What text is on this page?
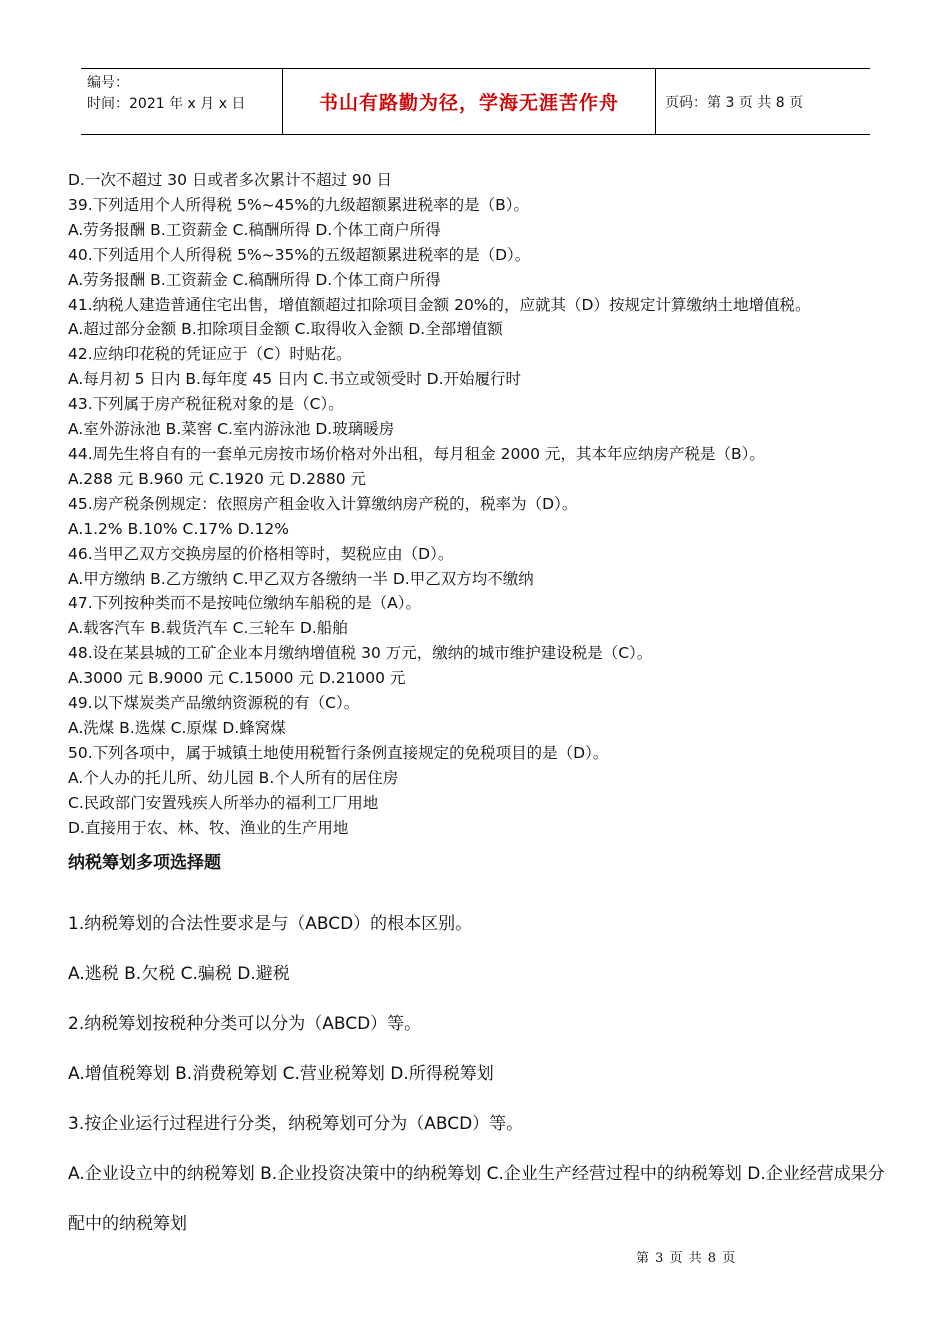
编号：
时间：2021 年 x 月 x 日	书山有路勤为径，学海无涯苦作舟	页码：第 3 页 共 8 页
D.一次不超过 30 日或者多次累计不超过 90 日
39.下列适用个人所得税 5%~45%的九级超额累进税率的是（B）。
A.劳务报酬 B.工资薪金 C.稿酬所得 D.个体工商户所得
40.下列适用个人所得税 5%~35%的五级超额累进税率的是（D）。
A.劳务报酬 B.工资薪金 C.稿酬所得 D.个体工商户所得
41.纳税人建造普通住宅出售，增值额超过扣除项目金额 20%的，应就其（D）按规定计算缴纳土地增值税。
A.超过部分金额 B.扣除项目金额 C.取得收入金额 D.全部增值额
42.应纳印花税的凭证应于（C）时贴花。
A.每月初 5 日内 B.每年度 45 日内 C.书立或领受时 D.开始履行时
43.下列属于房产税征税对象的是（C）。
A.室外游泳池 B.菜窖 C.室内游泳池 D.玻璃暖房
44.周先生将自有的一套单元房按市场价格对外出租，每月租金 2000 元，其本年应纳房产税是（B）。
A.288 元 B.960 元 C.1920 元 D.2880 元
45.房产税条例规定：依照房产租金收入计算缴纳房产税的，税率为（D）。
A.1.2% B.10% C.17% D.12%
46.当甲乙双方交换房屋的价格相等时，契税应由（D）。
A.甲方缴纳 B.乙方缴纳 C.甲乙双方各缴纳一半 D.甲乙双方均不缴纳
47.下列按种类而不是按吨位缴纳车船税的是（A）。
A.载客汽车 B.载货汽车 C.三轮车 D.船舶
48.设在某县城的工矿企业本月缴纳增值税 30 万元，缴纳的城市维护建设税是（C）。
A.3000 元 B.9000 元 C.15000 元 D.21000 元
49.以下煤炭类产品缴纳资源税的有（C）。
A.洗煤 B.选煤 C.原煤 D.蜂窝煤
50.下列各项中，属于城镇土地使用税暂行条例直接规定的免税项目的是（D）。
A.个人办的托儿所、幼儿园 B.个人所有的居住房
C.民政部门安置残疾人所举办的福利工厂用地
D.直接用于农、林、牧、渔业的生产用地
纳税筹划多项选择题
1.纳税筹划的合法性要求是与（ABCD）的根本区别。
A.逃税 B.欠税 C.骗税 D.避税
2.纳税筹划按税种分类可以分为（ABCD）等。
A.增值税筹划 B.消费税筹划 C.营业税筹划 D.所得税筹划
3.按企业运行过程进行分类，纳税筹划可分为（ABCD）等。
A.企业设立中的纳税筹划 B.企业投资决策中的纳税筹划 C.企业生产经营过程中的纳税筹划 D.企业经营成果分配中的纳税筹划
第 3 页 共 8 页
